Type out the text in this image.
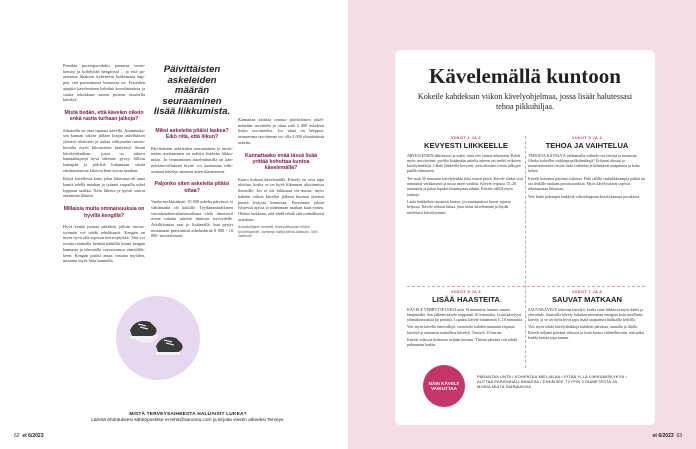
Pienikin porrasporrahdys parantaa veren-kiertoa ja kiihdyttää hengitystä – ja estä pa-rannusta lihaksen kykenevät kulkemaan hap-pea, sitä paremmassa kunnossa on. Portaiden ajaajiin kävelemisen kehittää koordinaatiota ja vaatia tehokkaan suurin piirtein tasaisella kävelyä.

Mistä tiedän, että kävelen oikein enkä rasita turhaan jalkoja?

Jokaisella on oma tapansa kävellä. Asianmuka-sen kannan valitse jalkine korjaa askelluksen yleensä riittävästi ja auttaa välttymään rasitus-kivuilta myös kilometrien kertyessä. Sinun kävelytekniikan, jossa on tukeva kantaaikaperjä hyvä rakenne, pysyy. Silloin kantapää ja päk-kiä liukumaan siistiä ensimmäisessä kiloissa liian kovaa maahan.

Käytä kävellessä koko jalan liikerataa eli anna kantta edellä maahan ja työnnä varpailla askel loppuun saakka. Näin liiketta ja pyörii saavat enemmän liikettä.

Millaisia muita ominaisuuksia on hyvillä kengillä?

Hyvä kenkä joustaa päkiästä, jolloin varvas-työnnön voi tehdä tehokkaasti. Kengän on myös hyvä olla sopivan kierrosjäykkä. Tätä voi testata ottamalla kenkää kädelliä kiinni kengän kannasta ja tekemällä varvasosassa vääntöliik-keen. Kengän pitäisi antaa vastaan myöden, muuttuu myös liike kunnolla.

Päivittäisten askeleiden määrän seuraaminen lisää liikkumista.
Miksi askeleita pitäisi laskea? Eikö riitä, että liikun?

Päivittäisten askeleiden seuraaminen ja tavoit-teiden asettaminen on todettu lisäävän liikku-mista. Jo seuraaminen askelmittarilla tai kän-nykkäsovelluksen kiyttö voi kannustaa valit-semaan kävelyn moneen arjen tilanteeseen.

Paljonko siten askeleita pitäisi ottaa?

Vanha nyrkkisääntö, 10 000 askelta päivässä, ei välttämättä ole kaikille. Tyydämmäsäikinen vuorokaudenvalmistusaikana vielä ilmeisesti useaa tuhatta askeltä ihmisen terveydelle. Arkiliikuntaa saat jo lisäämällä, kun pystyt nostamaan päivittäistä askelmäärää 8 000 - 10 000 -tavoitteeseen.

Kannattaa aloittaa omasta päivittäisten askel-määrään tavoittelu ja ottaa siitä 2 000 askeleen lisäys tavoitteeksi. Jos tämä on helppoa, seuraavana tavoitteena voi olla 4 000 ylimääräistä askelta.

Kannattaako enää tässä lisää yrittää kohottaa kuntoa kävelemällä?

Kunto kohoaa kävelemällä. Kävely on oiva tapa aloittaa, koska se on hyvä liikunnan aloittamista ihmisille. Jos et ole liikkunut ole-massa, myös kahden viikon kävelyn jälkeen huomat yleensä pientä lisäystä kunnossa. Paremmin jaksat lyhyessä ajassa jo pidemmän matkan kuin ennen. Olekin tarkkana, että ehdit tehdä sitä rauhallisesti asteittain.

Asiantuntijana: dosentti, terveysliikunnan tohtori, fysioterapeutti, varhempi tutkija Minna Aittasalo, UKK-instituutti.
MISTÄ TERVEYSAIHEESTA HALUAISIT LUKEA?
Lähetä ehdotuksesi sähköpostitse et-lehti@sanoma.com ja kirjoita viestin aiheeksi Terveys.
62 et 6/2023
Kävelemällä kuntoon
Kokeile kahdeksan viikon kävelyohjelmaa, jossa lisäät halutessasi tehoa pikkuhiljaa.
VIIKOT 1 JA 2
KEVYESTI LIIKKEELLE

ARVIOI ENSIN lähtötasosi ja mieti, mitä olet valmis tekemään. Pohdi myös tavoitteitasi: pyritkö lisäämään askelia arkeen vai teetkö erikseen kävelylenkkejä. Lähde liikkeelle kevyesti, jotta elimistö tottuu jalkojen päällä olemiseen.

Tee noin 30 minuutin kävelylenkki joka toinen päivä. Kävele aluksi viisi minuuttia verkkaisesti ja nosta sitten vauhtia. Kävele reipasta 15–20 minuuttia ja palaa lopuksi hitaampaan tahtiin. Kävele välillä myös taukoja.

Lisää lenkkeihin tasaisesti kestoa, jos ensimmäiset kerrat sujuvat helposti. Kävele reilusti lukua, jotta tottut kävelemään ja löydät mieleisesi kävelyrytmin.

VIIKOT 3 JA 4
TEHOA JA VAIHTELUA

TEHOSTA KÄVELYÄ vaihtamalla vaihtele-via reittejä ja maastoja. Oletko kokeillut vaikkapa polkulenkkejä? Erilaiset alustat ja maastonmuodot tuovat lisää vaihtelua ja kehittävät tasapainoa ja koko kehoa.

Kävele kolmena päivänä viikossa. Pidä välillä vauhdikkaampia pätkiä tai ota lenkille mukaan porrasosuuksia. Myös kävelysauvat sopivat tehostamaan liikuntaa.

Voit lisätä pidempiä lenkkejä viikonloppuun kävelykamuja porukassa.

VIIKOT 5 JA 6
LISÄÄ HAASTEITA

KÄVELE VERRYTTELYKSI noin 10 minuuttia, kunnes tuntuu lämpimältä. Sen jälkeen kävele reippaasti 30 minuuttia. Lisää kävelyyn ylämäkiosuuksia tai portaita. Lopuksi kävele hitaammin 5–10 minuuttia.

Voit myös kävellä intervalleja: vuorottele kahden minuutin reipasta kävelyä ja minuutin rauhallista kävelyä. Toista 6–10 kertaa.

Kävele viikossa kolmesta neljään kertaan. Yhtenä päivänä voit tehdä pidemmän lenkin.

VIIKOT 7 JA 8
SAUVAT MATKAAN

SAUVAKÄVELY tehostaa kävelyä, koska siinä liikkuvat myös kädet ja ylävartalo. Sauvoilla kävely kuluttaa enemmän energiaa kuin tavallinen kävely, ja se on myös hyvä tapa lisätä tasapainoa liukkailla keleillä.

Voit myös tehdä kävelylenkkejä kahdesti päivässä, aamulla ja illalla. Kävele neljänä päivänä viikossa ja lisää kestoa vähitellen niin, että pitkä lenkki kestää jopa tunnin.

NÄIN KÄVELY VAIKUTTAA
PARANTAA UNTA / KOHENTAA MIELIALAA / PITÄÄ YLLÄ LIIKKUMISKYKYÄ / AUTTAA PAINONHALLINNASSA / EHKÄISEE TYYPIN 2 DIABETESTA JA MONIA MUITA SAIRAUKSIA
et 6/2023 63
